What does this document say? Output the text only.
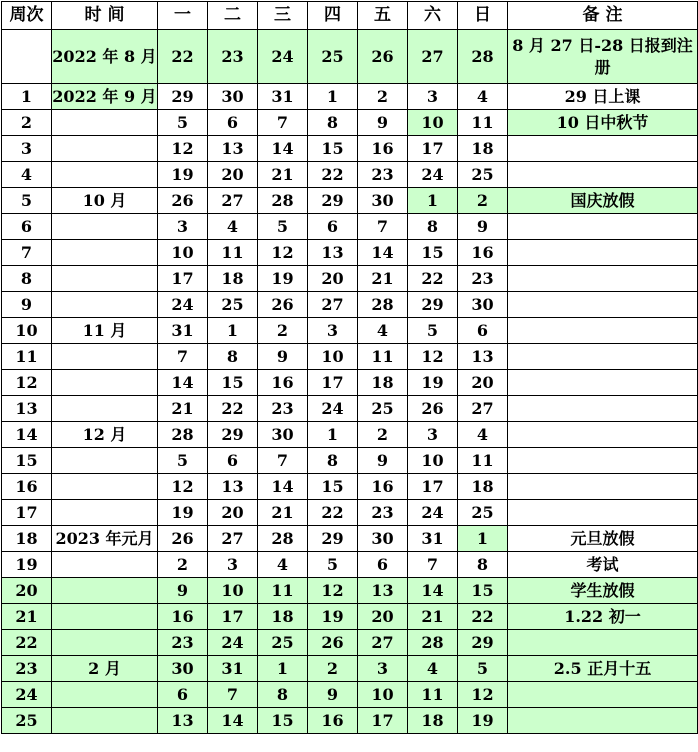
周次	时 间	一	二	三	四	五	六	日	备 注
	2022 年 8 月	22	23	24	25	26	27	28	8 月 27 日-28 日报到注册
1	2022 年 9 月	29	30	31	1	2	3	4	29 日上课
2		5	6	7	8	9	10	11	10 日中秋节
3		12	13	14	15	16	17	18	
4		19	20	21	22	23	24	25	
5	10 月	26	27	28	29	30	1	2	国庆放假
6		3	4	5	6	7	8	9	
7		10	11	12	13	14	15	16	
8		17	18	19	20	21	22	23	
9		24	25	26	27	28	29	30	
10	11 月	31	1	2	3	4	5	6	
11		7	8	9	10	11	12	13	
12		14	15	16	17	18	19	20	
13		21	22	23	24	25	26	27	
14	12 月	28	29	30	1	2	3	4	
15		5	6	7	8	9	10	11	
16		12	13	14	15	16	17	18	
17		19	20	21	22	23	24	25	
18	2023 年元月	26	27	28	29	30	31	1	元旦放假
19		2	3	4	5	6	7	8	考试
20		9	10	11	12	13	14	15	学生放假
21		16	17	18	19	20	21	22	1.22 初一
22		23	24	25	26	27	28	29	
23	2 月	30	31	1	2	3	4	5	2.5 正月十五
24		6	7	8	9	10	11	12	
25		13	14	15	16	17	18	19	
